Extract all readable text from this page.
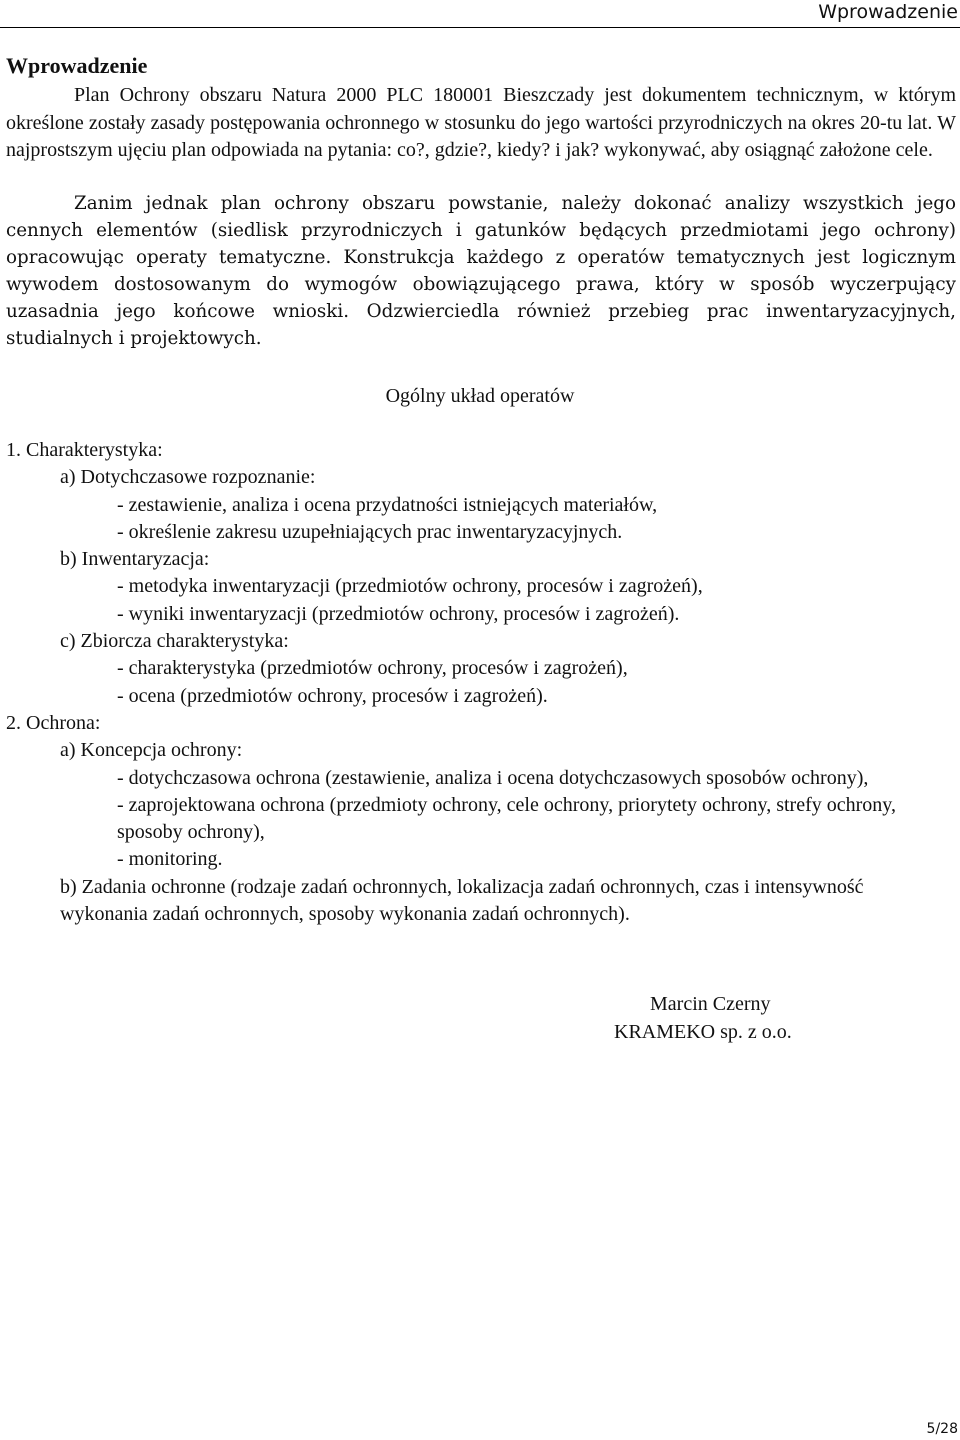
Wprowadzenie
Wprowadzenie

Plan Ochrony obszaru Natura 2000 PLC 180001 Bieszczady jest dokumentem technicznym, w którym określone zostały zasady postępowania ochronnego w stosunku do jego wartości przyrodniczych na okres 20-tu lat. W najprostszym ujęciu plan odpowiada na pytania: co?, gdzie?, kiedy? i jak? wykonywać, aby osiągnąć założone cele.

Zanim jednak plan ochrony obszaru powstanie, należy dokonać analizy wszystkich jego cennych elementów (siedlisk przyrodniczych i gatunków będących przedmiotami jego ochrony) opracowując operaty tematyczne. Konstrukcja każdego z operatów tematycznych jest logicznym wywodem dostosowanym do wymogów obowiązującego prawa, który w sposób wyczerpujący uzasadnia jego końcowe wnioski. Odzwierciedla również przebieg prac inwentaryzacyjnych, studialnych i projektowych.

Ogólny układ operatów
1. Charakterystyka:
a) Dotychczasowe rozpoznanie:
- zestawienie, analiza i ocena przydatności istniejących materiałów,
- określenie zakresu uzupełniających prac inwentaryzacyjnych.
b) Inwentaryzacja:
- metodyka inwentaryzacji (przedmiotów ochrony, procesów i zagrożeń),
- wyniki inwentaryzacji (przedmiotów ochrony, procesów i zagrożeń).
c) Zbiorcza charakterystyka:
- charakterystyka (przedmiotów ochrony, procesów i zagrożeń),
- ocena (przedmiotów ochrony, procesów i zagrożeń).
2. Ochrona:
a) Koncepcja ochrony:
- dotychczasowa ochrona (zestawienie, analiza i ocena dotychczasowych sposobów ochrony),
- zaprojektowana ochrona (przedmioty ochrony, cele ochrony, priorytety ochrony, strefy ochrony, sposoby ochrony),
- monitoring.
b) Zadania ochronne (rodzaje zadań ochronnych, lokalizacja zadań ochronnych, czas i intensywność wykonania zadań ochronnych, sposoby wykonania zadań ochronnych).
Marcin Czerny
KRAMEKO sp. z o.o.
5/28
